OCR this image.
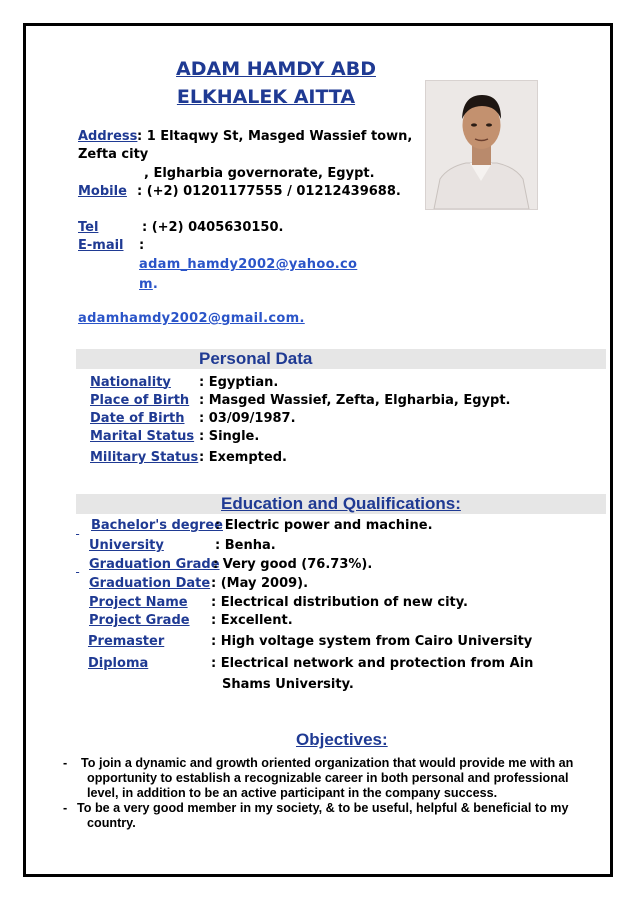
ADAM HAMDY ABD
ELKHALEK AITTA
Address : 1 Eltaqwy St, Masged Wassief town,
Zefta city
, Elgharbia governorate, Egypt.
Mobile : (+2) 01201177555 / 01212439688.
Tel	: (+2) 0405630150.
E-mail :
adam_hamdy2002@yahoo.co
m.
adamhamdy2002@gmail.com.
Personal Data
Nationality
: Egyptian.
Place of Birth : Masged Wassief, Zefta, Elgharbia, Egypt.
Date of Birth : 03/09/1987.
Marital Status : Single.
Military Status : Exempted.
Education and Qualifications:

Bachelor's degree
: Electric power and machine.
University	: Benha.

Graduation Grade
: Very good (76.73%).
Graduation Date : (May 2009).
Project Name : Electrical distribution of new city.
Project Grade : Excellent.
Premaster	: High voltage system from Cairo University
Diploma	: Electrical network and protection from Ain
Shams University.
Objectives:
- To join a dynamic and growth oriented organization that would provide me with an
opportunity to establish a recognizable career in both personal and professional
level, in addition to be an active participant in the company success.
- To be a very good member in my society, & to be useful, helpful & beneficial to my
country.
